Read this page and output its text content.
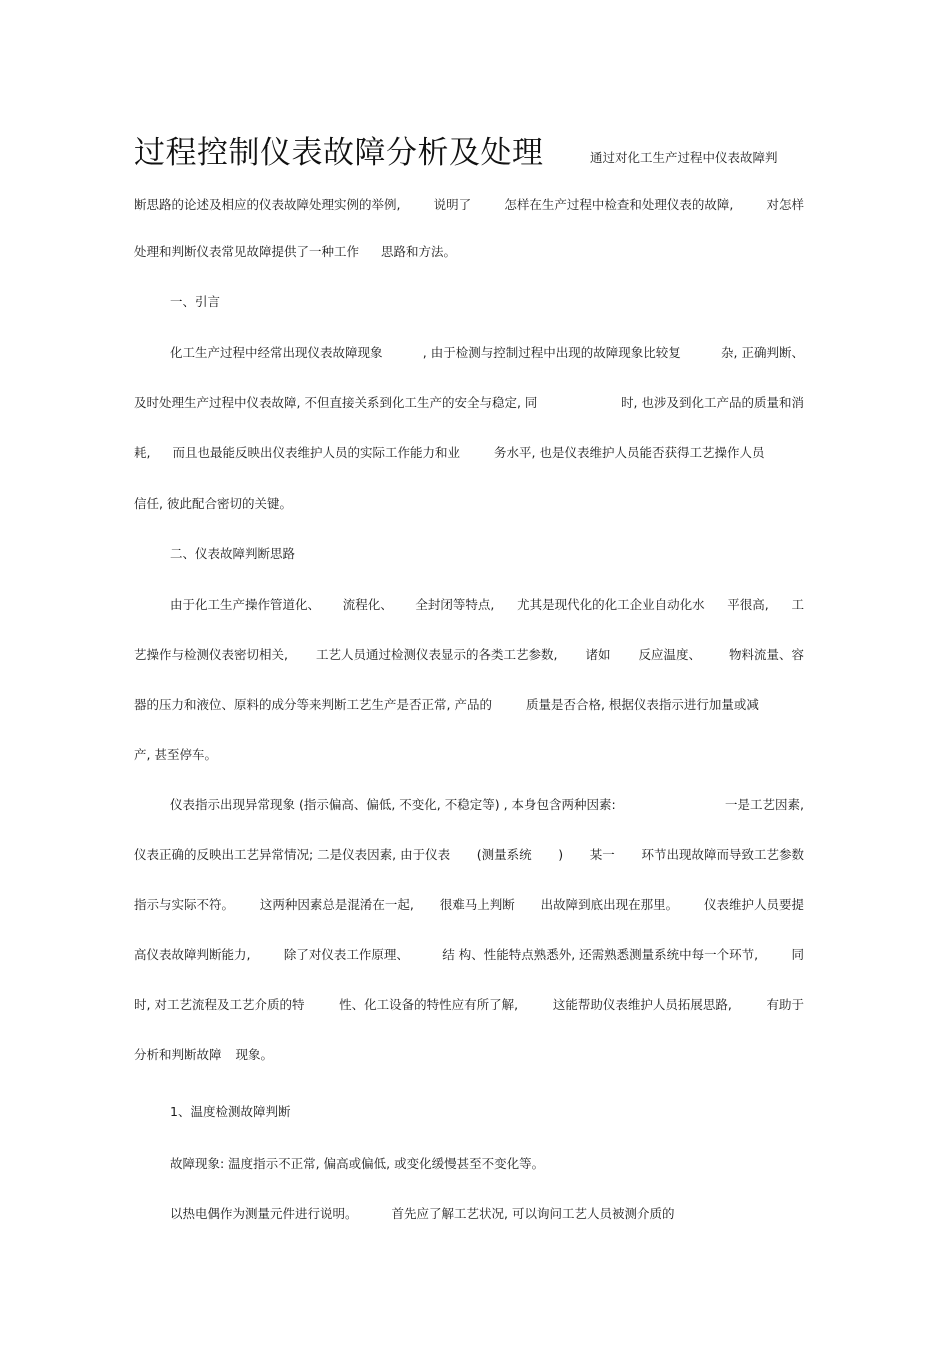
过程控制仪表故障分析及处理	通过对化工生产过程中仪表故障判
断思路的论述及相应的仪表故障处理实例的举例,	说明了	怎样在生产过程中检查和处理仪表的故障,	对怎样
处理和判断仪表常见故障提供了一种工作 思路和方法。
一、引言
化工生产过程中经常出现仪表故障现象	, 由于检测与控制过程中出现的故障现象比较复	杂, 正确判断、
及时处理生产过程中仪表故障, 不但直接关系到化工生产的安全与稳定, 同	时, 也涉及到化工产品的质量和消
耗, 而且也最能反映出仪表维护人员的实际工作能力和业	务水平, 也是仪表维护人员能否获得工艺操作人员
信任, 彼此配合密切的关键。
二、仪表故障判断思路
由于化工生产操作管道化、 流程化、 全封闭等特点, 尤其是现代化的化工企业自动化水 平很高, 工
艺操作与检测仪表密切相关, 工艺人员通过检测仪表显示的各类工艺参数, 诸如 反应温度、 物料流量、容
器的压力和液位、原料的成分等来判断工艺生产是否正常, 产品的	质量是否合格, 根据仪表指示进行加量或减
产, 甚至停车。
仪表指示出现异常现象 (指示偏高、偏低, 不变化, 不稳定等) , 本身包含两种因素:	一是工艺因素,
仪表正确的反映出工艺异常情况; 二是仪表因素, 由于仪表 (测量系统 ) 某一 环节出现故障而导致工艺参数
指示与实际不符。 这两种因素总是混淆在一起, 很难马上判断 出故障到底出现在那里。 仪表维护人员要提
高仪表故障判断能力,	除了对仪表工作原理、	结 构、性能特点熟悉外, 还需熟悉测量系统中每一个环节,	同
时, 对工艺流程及工艺介质的特	性、化工设备的特性应有所了解,	这能帮助仪表维护人员拓展思路,	有助于
分析和判断故障 现象。
1、温度检测故障判断
故障现象: 温度指示不正常, 偏高或偏低, 或变化缓慢甚至不变化等。
以热电偶作为测量元件进行说明。	首先应了解工艺状况, 可以询问工艺人员被测介质的
